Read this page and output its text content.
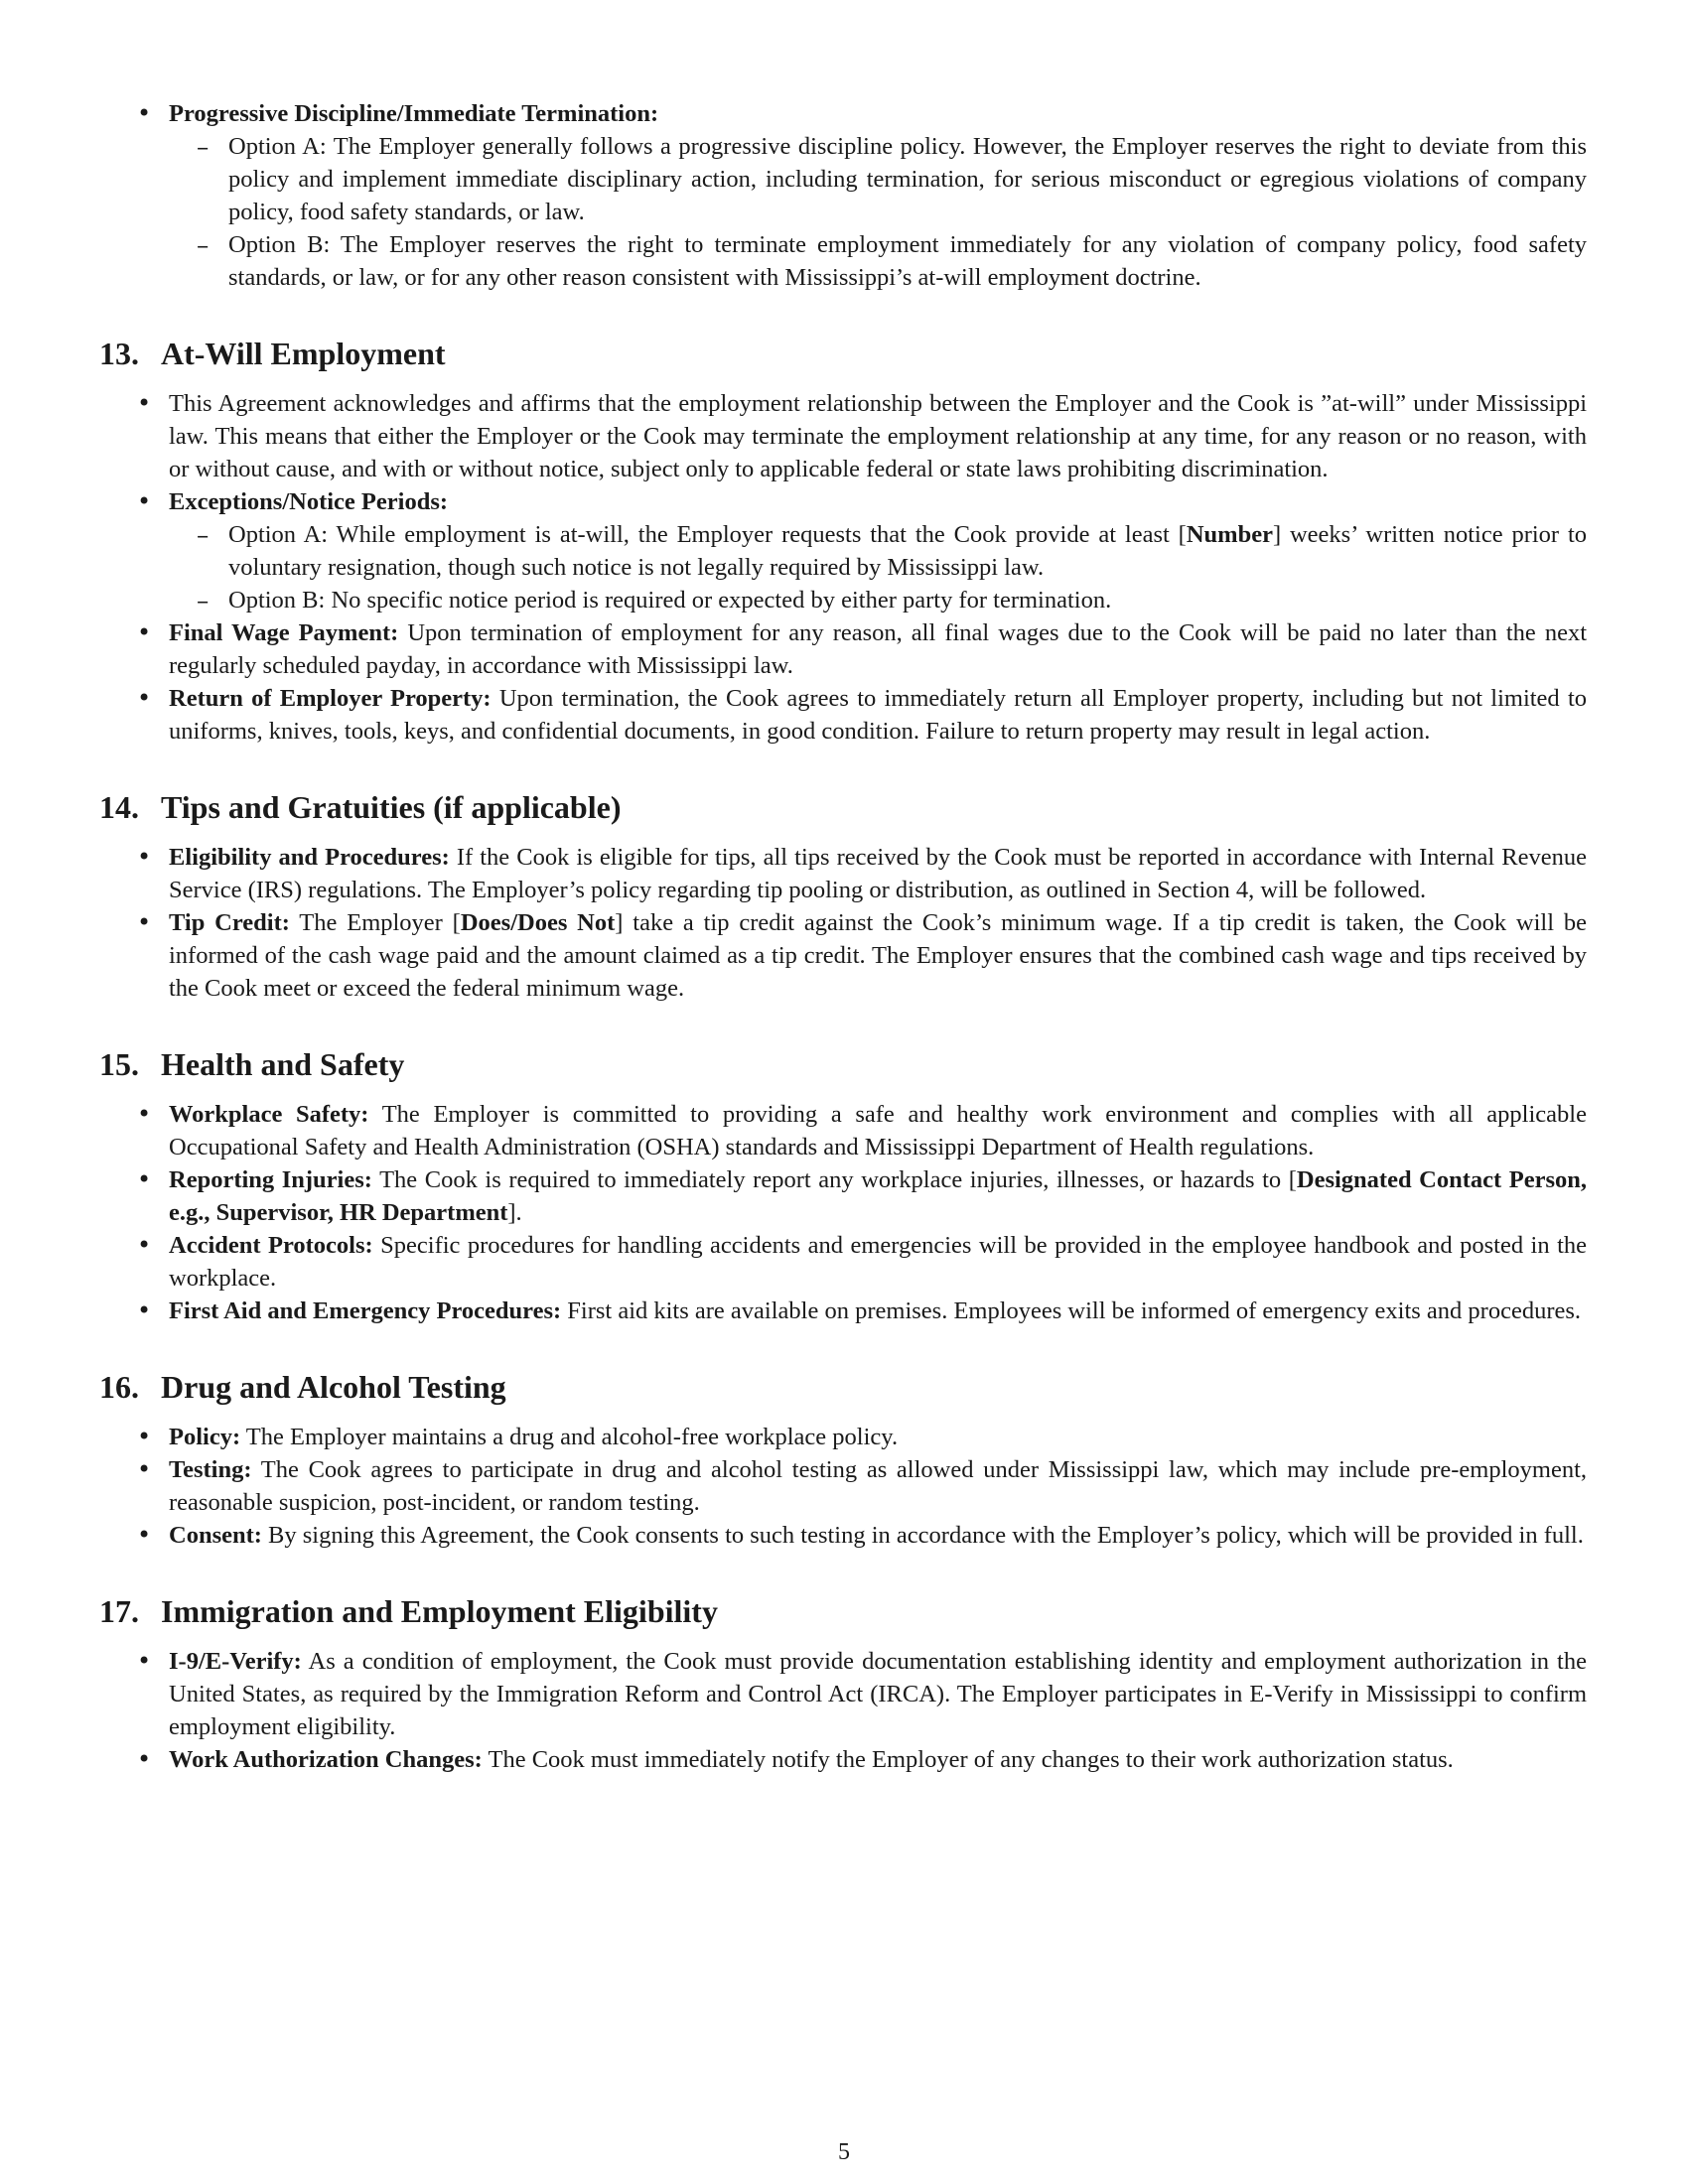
• Progressive Discipline/Immediate Termination:
– Option A: The Employer generally follows a progressive discipline policy. However, the Employer reserves the right to deviate from this policy and implement immediate disciplinary action, including termination, for serious misconduct or egregious violations of company policy, food safety standards, or law.
– Option B: The Employer reserves the right to terminate employment immediately for any violation of company policy, food safety standards, or law, or for any other reason consistent with Mississippi’s at-will employment doctrine.
13. At-Will Employment
• This Agreement acknowledges and affirms that the employment relationship between the Employer and the Cook is ”at-will” under Mississippi law. This means that either the Employer or the Cook may terminate the employment relationship at any time, for any reason or no reason, with or without cause, and with or without notice, subject only to applicable federal or state laws prohibiting discrimination.
• Exceptions/Notice Periods:
– Option A: While employment is at-will, the Employer requests that the Cook provide at least [Number] weeks’ written notice prior to voluntary resignation, though such notice is not legally required by Mississippi law.
– Option B: No specific notice period is required or expected by either party for termination.
• Final Wage Payment: Upon termination of employment for any reason, all final wages due to the Cook will be paid no later than the next regularly scheduled payday, in accordance with Mississippi law.
• Return of Employer Property: Upon termination, the Cook agrees to immediately return all Employer property, including but not limited to uniforms, knives, tools, keys, and confidential documents, in good condition. Failure to return property may result in legal action.
14. Tips and Gratuities (if applicable)
• Eligibility and Procedures: If the Cook is eligible for tips, all tips received by the Cook must be reported in accordance with Internal Revenue Service (IRS) regulations. The Employer’s policy regarding tip pooling or distribution, as outlined in Section 4, will be followed.
• Tip Credit: The Employer [Does/Does Not] take a tip credit against the Cook’s minimum wage. If a tip credit is taken, the Cook will be informed of the cash wage paid and the amount claimed as a tip credit. The Employer ensures that the combined cash wage and tips received by the Cook meet or exceed the federal minimum wage.
15. Health and Safety
• Workplace Safety: The Employer is committed to providing a safe and healthy work environment and complies with all applicable Occupational Safety and Health Administration (OSHA) standards and Mississippi Department of Health regulations.
• Reporting Injuries: The Cook is required to immediately report any workplace injuries, illnesses, or hazards to [Designated Contact Person, e.g., Supervisor, HR Department].
• Accident Protocols: Specific procedures for handling accidents and emergencies will be provided in the employee handbook and posted in the workplace.
• First Aid and Emergency Procedures: First aid kits are available on premises. Employees will be informed of emergency exits and procedures.
16. Drug and Alcohol Testing
• Policy: The Employer maintains a drug and alcohol-free workplace policy.
• Testing: The Cook agrees to participate in drug and alcohol testing as allowed under Mississippi law, which may include pre-employment, reasonable suspicion, post-incident, or random testing.
• Consent: By signing this Agreement, the Cook consents to such testing in accordance with the Employer’s policy, which will be provided in full.
17. Immigration and Employment Eligibility
• I-9/E-Verify: As a condition of employment, the Cook must provide documentation establishing identity and employment authorization in the United States, as required by the Immigration Reform and Control Act (IRCA). The Employer participates in E-Verify in Mississippi to confirm employment eligibility.
• Work Authorization Changes: The Cook must immediately notify the Employer of any changes to their work authorization status.
5
